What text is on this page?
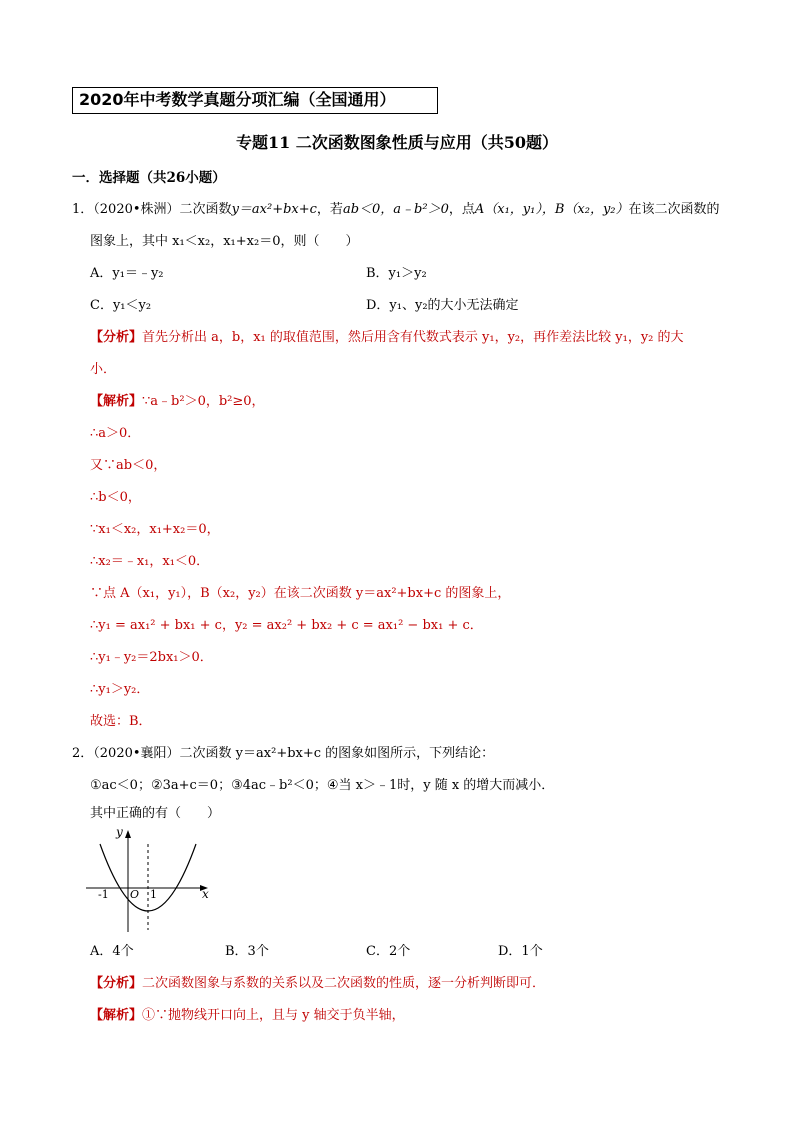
2020年中考数学真题分项汇编（全国通用）
专题11 二次函数图象性质与应用（共50题）
一．选择题（共26小题）
1．（2020•株洲）二次函数y＝ax²+bx+c，若ab＜0，a﹣b²＞0，点A（x₁，y₁），B（x₂，y₂）在该二次函数的
图象上，其中 x₁＜x₂，x₁+x₂＝0，则（　　）
A．y₁＝﹣y₂	B．y₁＞y₂
C．y₁＜y₂	D．y₁、y₂的大小无法确定
【分析】首先分析出 a，b，x₁ 的取值范围，然后用含有代数式表示 y₁，y₂，再作差法比较 y₁，y₂ 的大
小．
【解析】∵a﹣b²＞0，b²≥0，
∴a＞0．
又∵ab＜0，
∴b＜0，
∵x₁＜x₂，x₁+x₂＝0，
∴x₂＝﹣x₁，x₁＜0．
∵点 A（x₁，y₁），B（x₂，y₂）在该二次函数 y＝ax²+bx+c 的图象上，
∴y₁ = ax₁² + bx₁ + c，y₂ = ax₂² + bx₂ + c = ax₁² − bx₁ + c．
∴y₁﹣y₂＝2bx₁＞0．
∴y₁＞y₂．
故选：B．
2．（2020•襄阳）二次函数 y＝ax²+bx+c 的图象如图所示，下列结论：
①ac＜0；②3a+c＝0；③4ac﹣b²＜0；④当 x＞﹣1时，y 随 x 的增大而减小．
其中正确的有（　　）
y
x
O
-1	1
A．4个	B．3个	C．2个	D．1个
【分析】二次函数图象与系数的关系以及二次函数的性质，逐一分析判断即可．
【解析】①∵抛物线开口向上，且与 y 轴交于负半轴，
